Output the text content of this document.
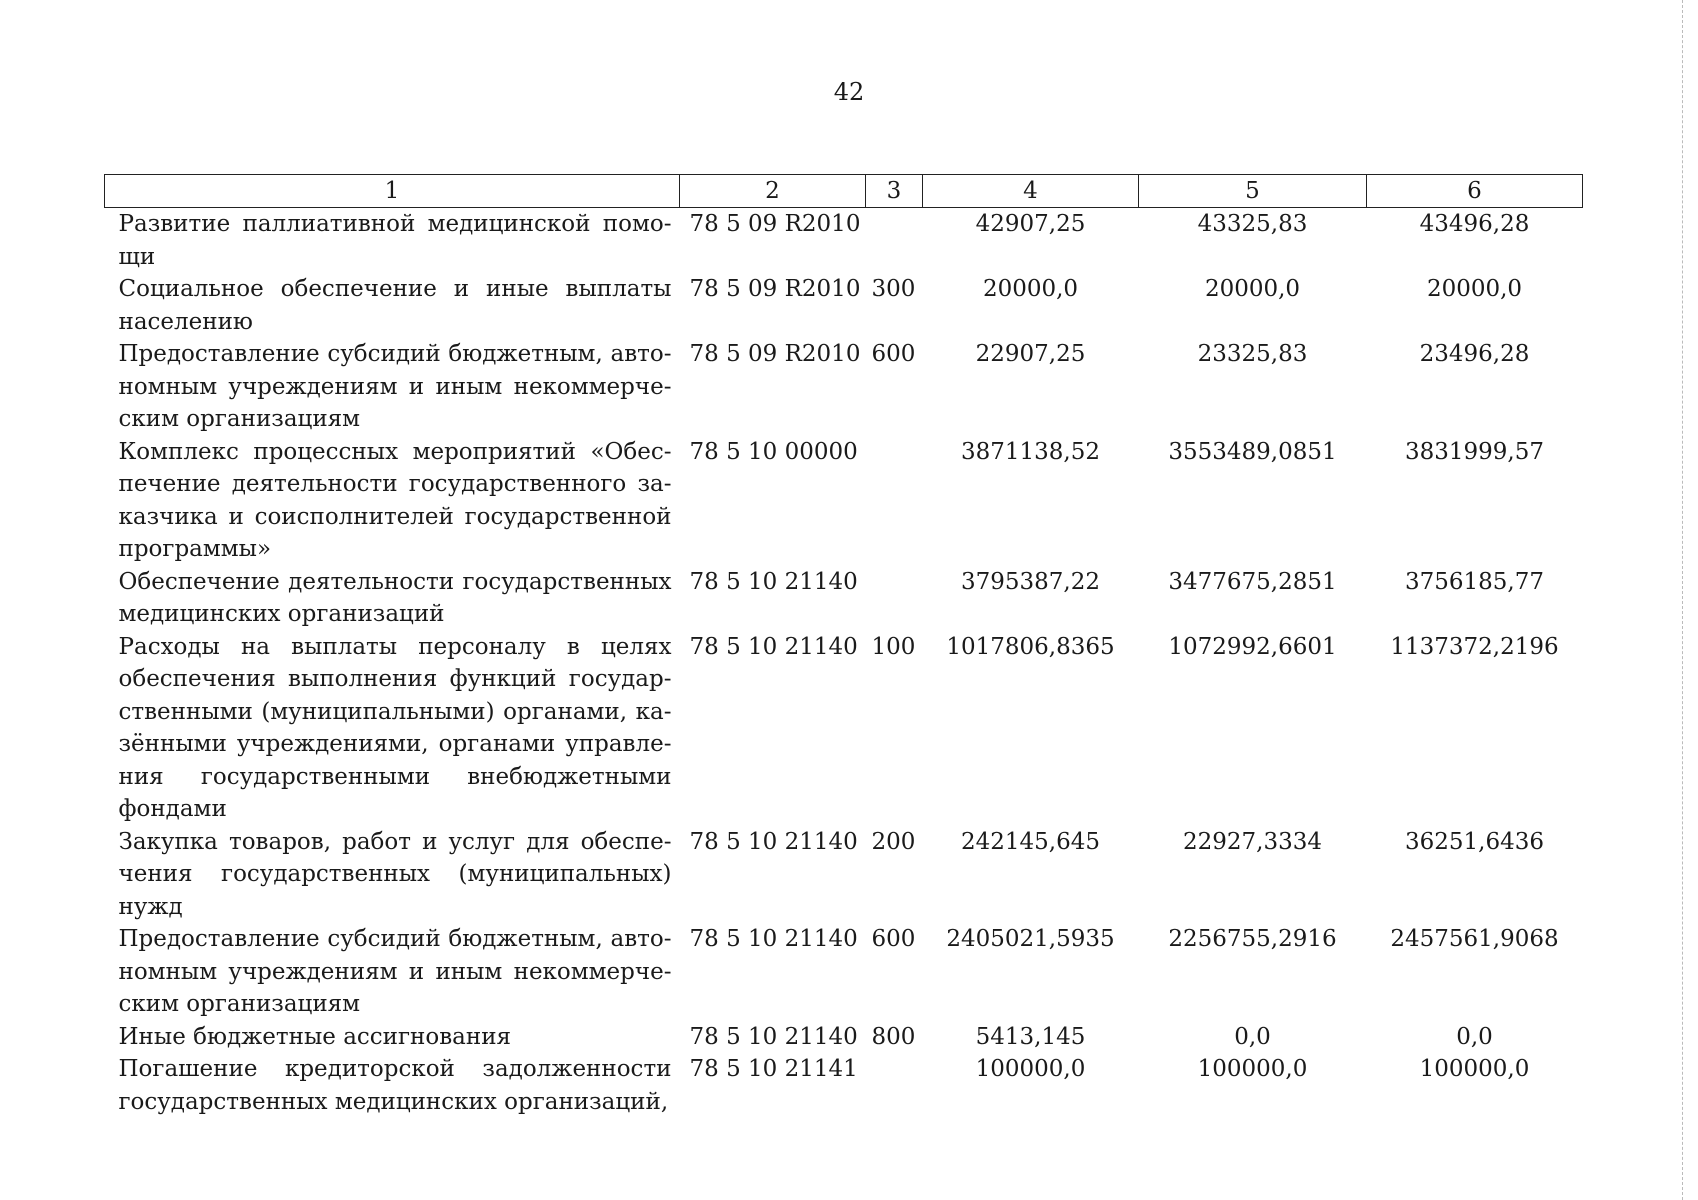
42
1	2	3	4	5	6
Развитие паллиативной медицинской помощи	78 5 09 R2010		42907,25	43325,83	43496,28
Социальное обеспечение и иные выплаты населению	78 5 09 R2010	300	20000,0	20000,0	20000,0
Предоставление субсидий бюджетным, автономным учреждениям и иным некоммерческим организациям	78 5 09 R2010	600	22907,25	23325,83	23496,28
Комплекс процессных мероприятий «Обеспечение деятельности государственного заказчика и соисполнителей государственной программы»	78 5 10 00000		3871138,52	3553489,0851	3831999,57
Обеспечение деятельности государственных медицинских организаций	78 5 10 21140		3795387,22	3477675,2851	3756185,77
Расходы на выплаты персоналу в целях обеспечения выполнения функций государственными (муниципальными) органами, казёнными учреждениями, органами управления государственными внебюджетными фондами	78 5 10 21140	100	1017806,8365	1072992,6601	1137372,2196
Закупка товаров, работ и услуг для обеспечения государственных (муниципальных) нужд	78 5 10 21140	200	242145,645	22927,3334	36251,6436
Предоставление субсидий бюджетным, автономным учреждениям и иным некоммерческим организациям	78 5 10 21140	600	2405021,5935	2256755,2916	2457561,9068
Иные бюджетные ассигнования	78 5 10 21140	800	5413,145	0,0	0,0
Погашение кредиторской задолженности государственных медицинских организаций,	78 5 10 21141		100000,0	100000,0	100000,0
